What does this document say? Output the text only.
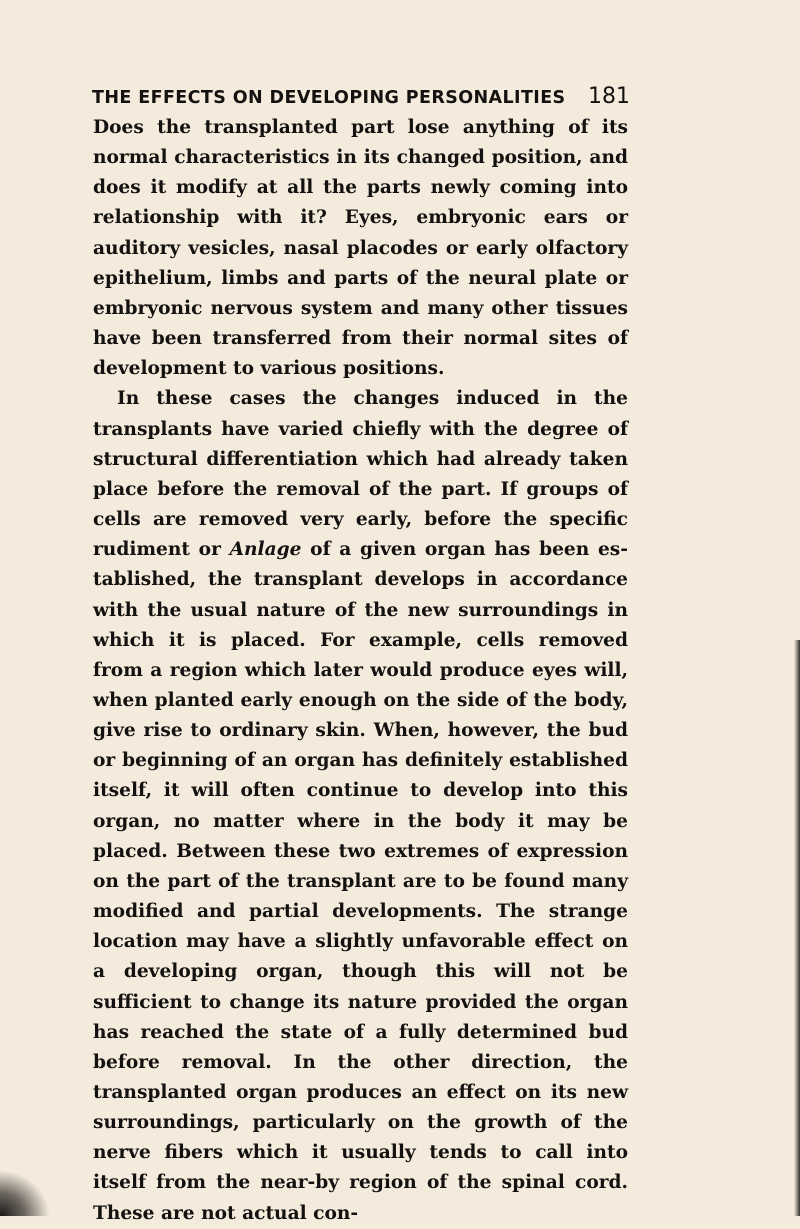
THE EFFECTS ON DEVELOPING PERSONALITIES 181

Does the transplanted part lose anything of its normal characteristics in its changed position, and does it modify at all the parts newly coming into relationship with it? Eyes, embryonic ears or auditory vesicles, nasal placodes or early olfactory epithelium, limbs and parts of the neural plate or embryonic nervous system and many other tissues have been transferred from their normal sites of development to various positions.

In these cases the changes induced in the transplants have varied chiefly with the degree of structural differentiation which had already taken place before the removal of the part. If groups of cells are removed very early, before the specific rudiment or Anlage of a given organ has been established, the transplant develops in accordance with the usual nature of the new surroundings in which it is placed. For example, cells removed from a region which later would produce eyes will, when planted early enough on the side of the body, give rise to ordinary skin. When, however, the bud or beginning of an organ has definitely established itself, it will often continue to develop into this organ, no matter where in the body it may be placed. Between these two extremes of expression on the part of the transplant are to be found many modified and partial developments. The strange location may have a slightly unfavorable effect on a developing organ, though this will not be sufficient to change its nature provided the organ has reached the state of a fully determined bud before removal. In the other direction, the transplanted organ produces an effect on its new surroundings, particularly on the growth of the nerve fibers which it usually tends to call into itself from the near-by region of the spinal cord. These are not actual con-
